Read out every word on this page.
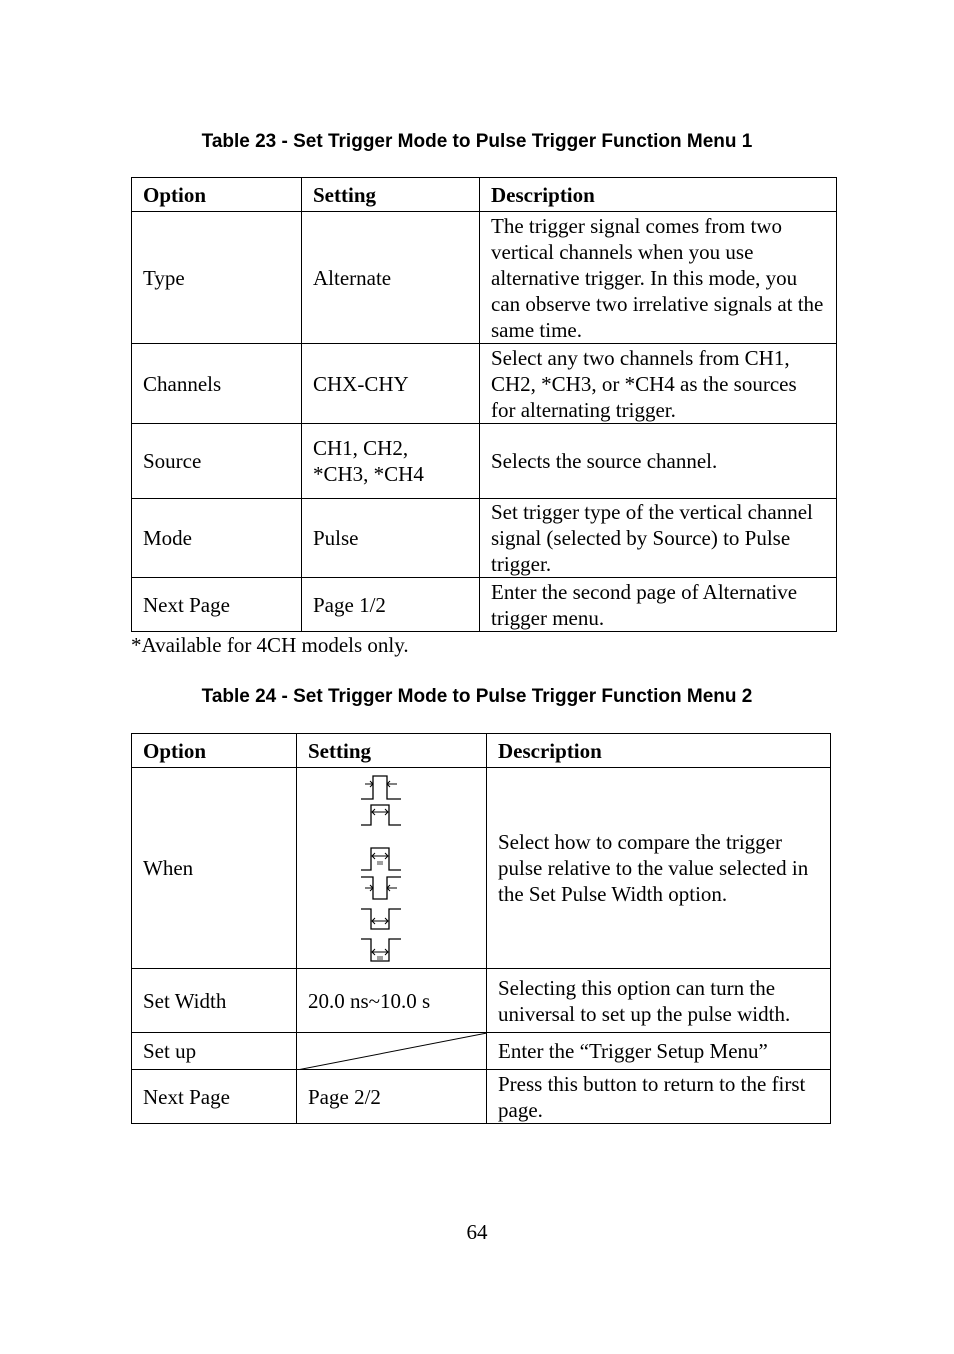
Table 23 - Set Trigger Mode to Pulse Trigger Function Menu 1
Option	Setting	Description
Type	Alternate	The trigger signal comes from two vertical channels when you use alternative trigger. In this mode, you can observe two irrelative signals at the same time.
Channels	CHX-CHY	Select any two channels from CH1, CH2, *CH3, or *CH4 as the sources for alternating trigger.
Source	CH1, CH2, *CH3, *CH4	Selects the source channel.
Mode	Pulse	Set trigger type of the vertical channel signal (selected by Source) to Pulse trigger.
Next Page	Page 1/2	Enter the second page of Alternative trigger menu.
*Available for 4CH models only.
Table 24 - Set Trigger Mode to Pulse Trigger Function Menu 2
Option	Setting	Description
When		Select how to compare the trigger pulse relative to the value selected in the Set Pulse Width option.
Set Width	20.0 ns~10.0 s	Selecting this option can turn the universal to set up the pulse width.
Set up		Enter the “Trigger Setup Menu”
Next Page	Page 2/2	Press this button to return to the first page.
64
